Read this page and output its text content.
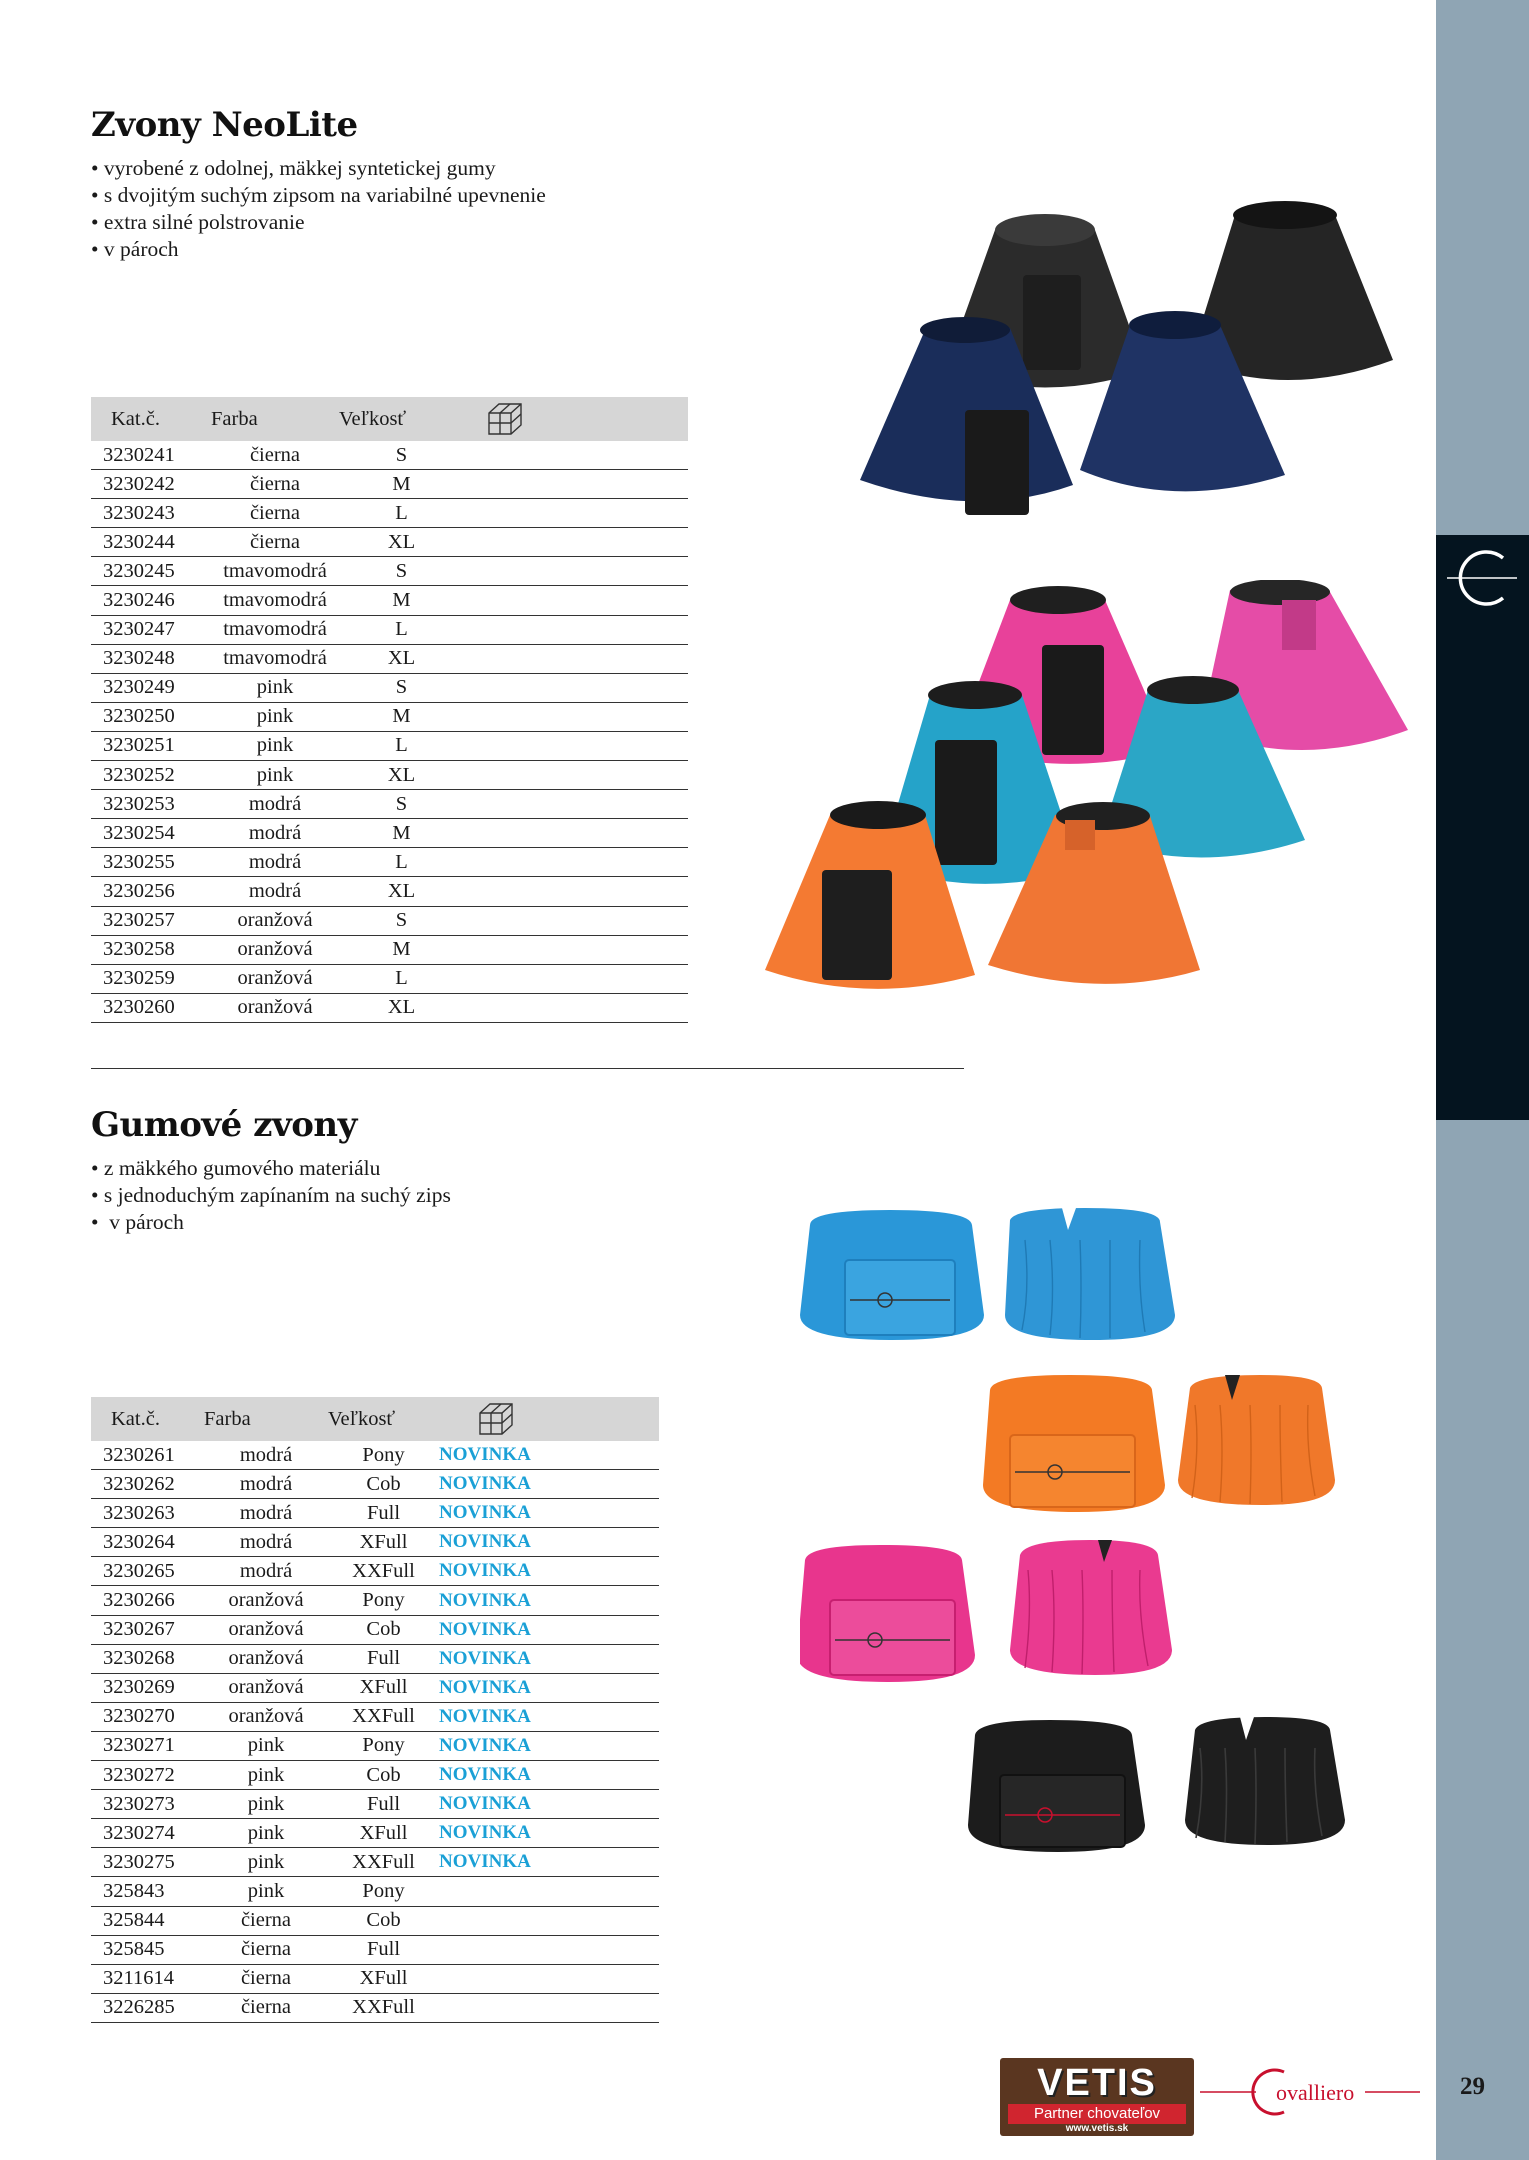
Zvony NeoLite
• vyrobené z odolnej, mäkkej syntetickej gumy
• s dvojitým suchým zipsom na variabilné upevnenie
• extra silné polstrovanie
• v pároch
Kat.č.	Farba	Veľkosť	

3230241	čierna	S	
3230242	čierna	M	
3230243	čierna	L	
3230244	čierna	XL	
3230245	tmavomodrá	S	
3230246	tmavomodrá	M	
3230247	tmavomodrá	L	
3230248	tmavomodrá	XL	
3230249	pink	S	
3230250	pink	M	
3230251	pink	L	
3230252	pink	XL	
3230253	modrá	S	
3230254	modrá	M	
3230255	modrá	L	
3230256	modrá	XL	
3230257	oranžová	S	
3230258	oranžová	M	
3230259	oranžová	L	
3230260	oranžová	XL	
Gumové zvony
• z mäkkého gumového materiálu
• s jednoduchým zapínaním na suchý zips
•  v pároch
Kat.č.	Farba	Veľkosť	

3230261	modrá	Pony	NOVINKA
3230262	modrá	Cob	NOVINKA
3230263	modrá	Full	NOVINKA
3230264	modrá	XFull	NOVINKA
3230265	modrá	XXFull	NOVINKA
3230266	oranžová	Pony	NOVINKA
3230267	oranžová	Cob	NOVINKA
3230268	oranžová	Full	NOVINKA
3230269	oranžová	XFull	NOVINKA
3230270	oranžová	XXFull	NOVINKA
3230271	pink	Pony	NOVINKA
3230272	pink	Cob	NOVINKA
3230273	pink	Full	NOVINKA
3230274	pink	XFull	NOVINKA
3230275	pink	XXFull	NOVINKA
325843	pink	Pony	
325844	čierna	Cob	
325845	čierna	Full	
3211614	čierna	XFull	
3226285	čierna	XXFull	
VETIS
Partner chovateľov
www.vetis.sk
ovalliero	29
